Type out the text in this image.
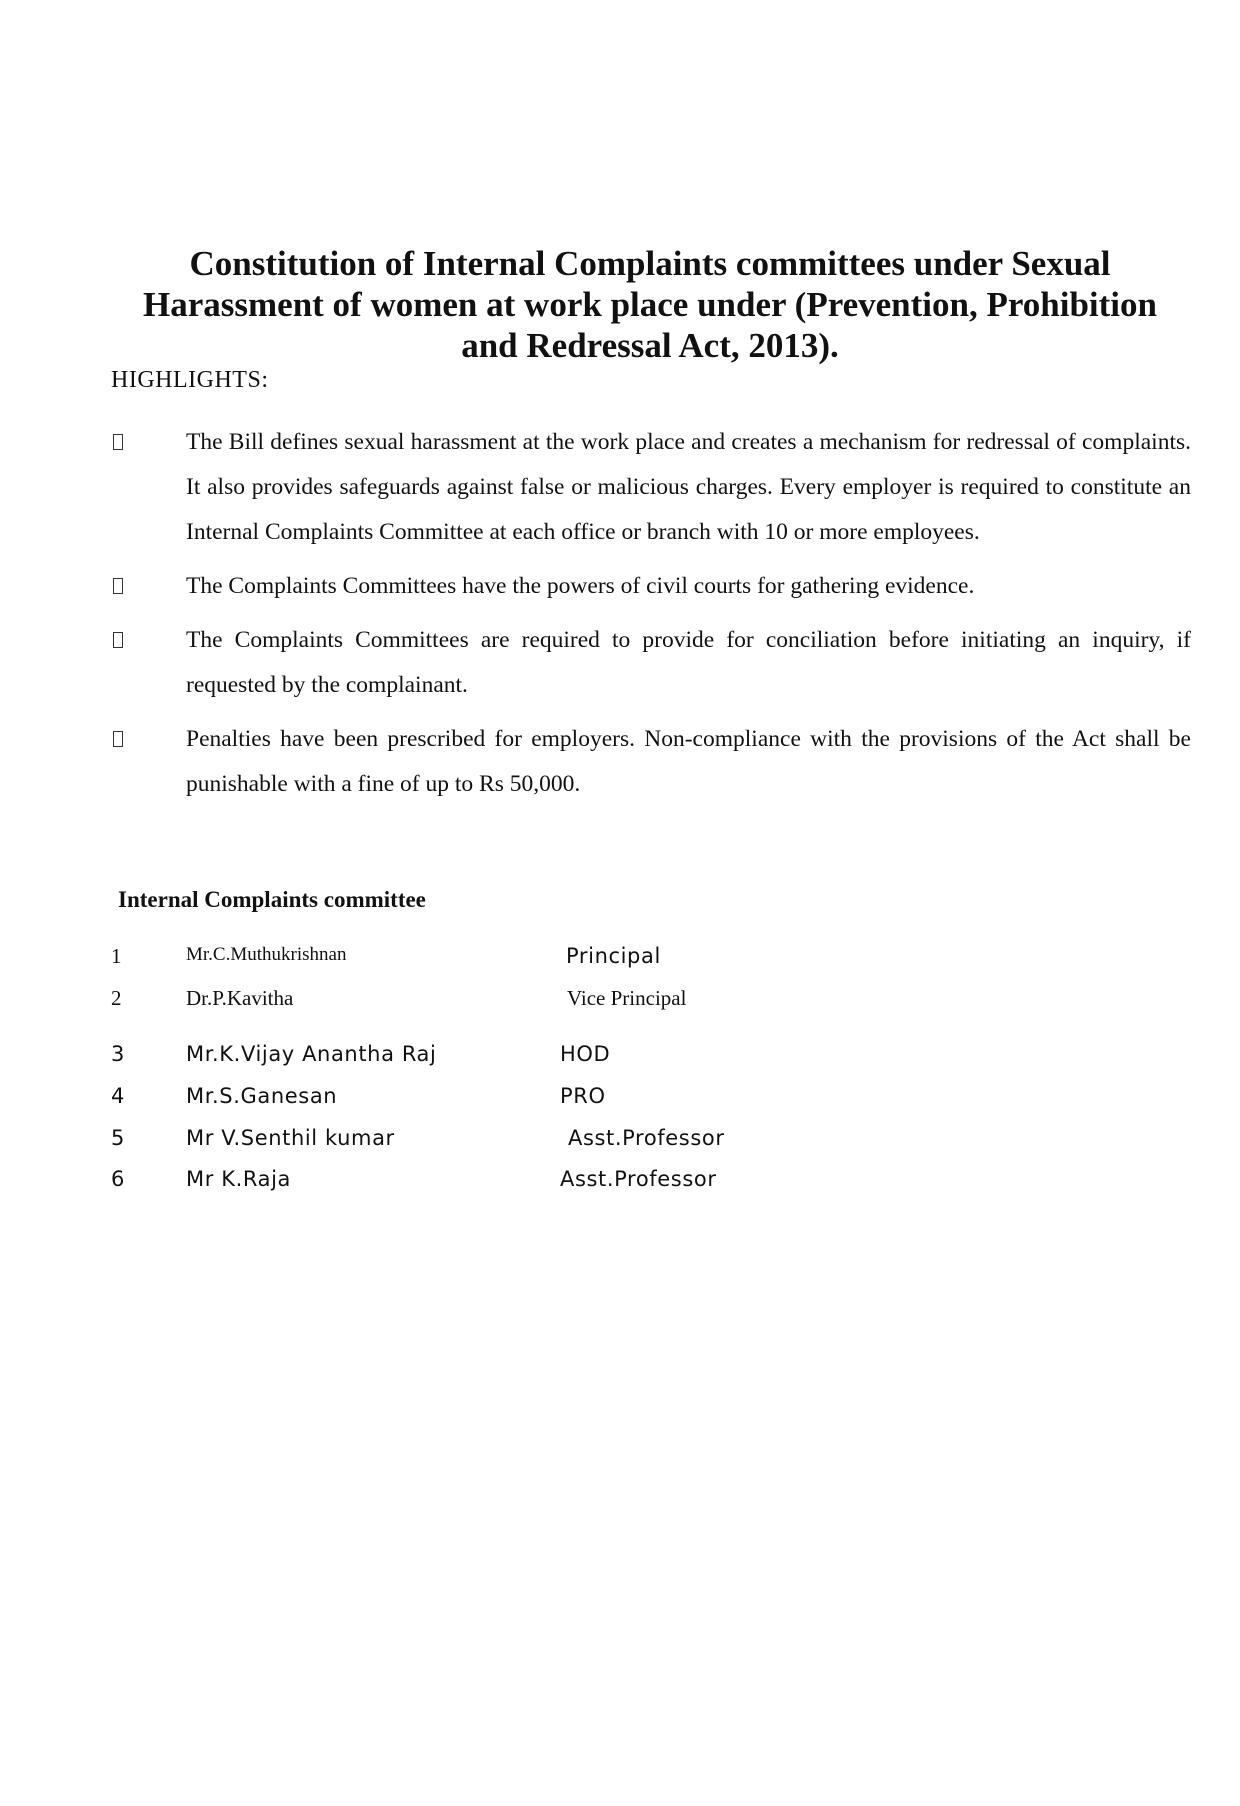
Constitution of Internal Complaints committees under Sexual Harassment of women at work place under (Prevention, Prohibition and Redressal Act, 2013).

HIGHLIGHTS:

The Bill defines sexual harassment at the work place and creates a mechanism for redressal of complaints. It also provides safeguards against false or malicious charges. Every employer is required to constitute an Internal Complaints Committee at each office or branch with 10 or more employees.
The Complaints Committees have the powers of civil courts for gathering evidence.
The Complaints Committees are required to provide for conciliation before initiating an inquiry, if requested by the complainant.
Penalties have been prescribed for employers. Non-compliance with the provisions of the Act shall be punishable with a fine of up to Rs 50,000.

Internal Complaints committee

1	Mr.C.Muthukrishnan	Principal
2	Dr.P.Kavitha	Vice Principal
3	Mr.K.Vijay Anantha Raj	HOD
4	Mr.S.Ganesan	PRO
5	Mr V.Senthil kumar	Asst.Professor
6	Mr K.Raja	Asst.Professor
